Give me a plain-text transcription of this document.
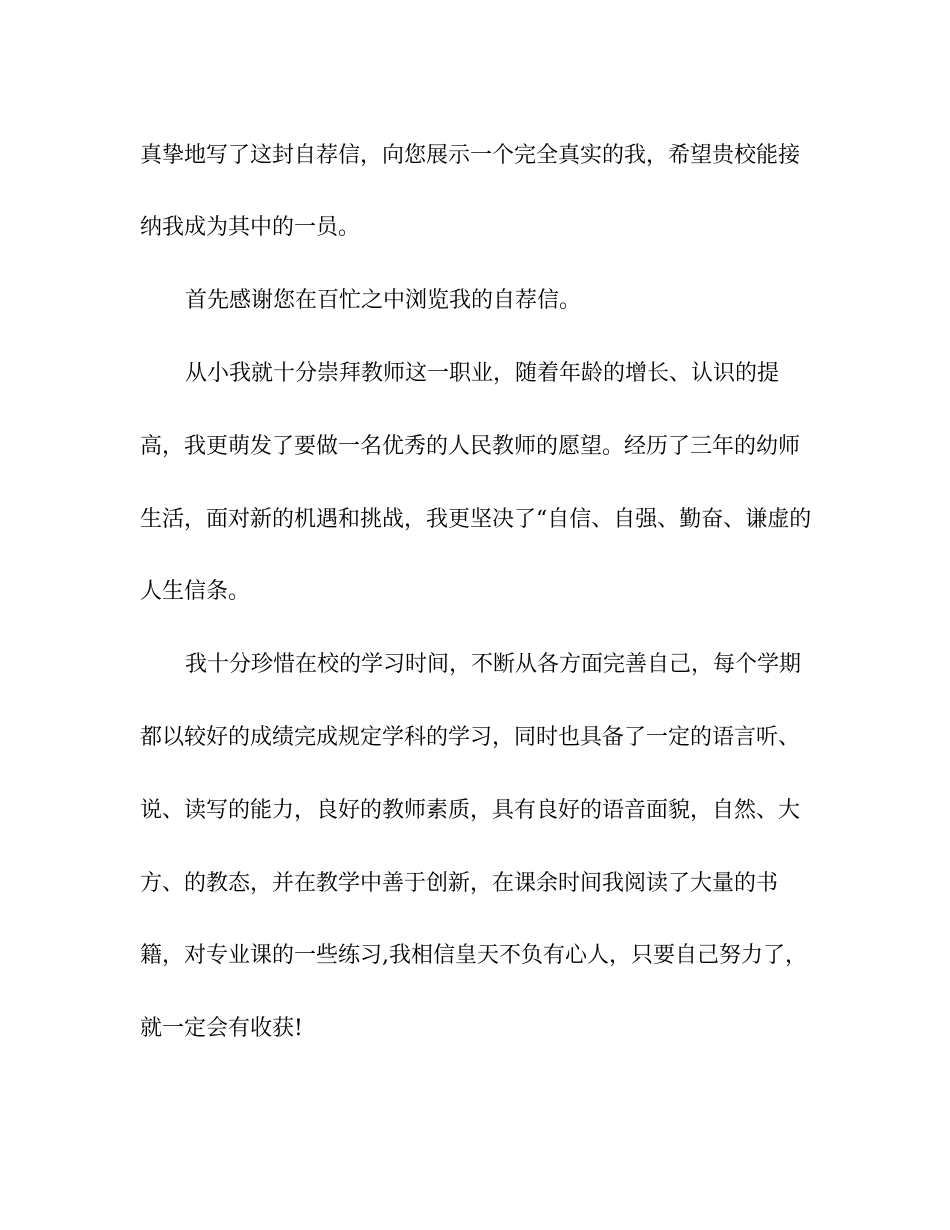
真挚地写了这封自荐信，向您展示一个完全真实的我，希望贵校能接

纳我成为其中的一员。

首先感谢您在百忙之中浏览我的自荐信。

从小我就十分崇拜教师这一职业，随着年龄的增长、认识的提

高，我更萌发了要做一名优秀的人民教师的愿望。经历了三年的幼师

生活，面对新的机遇和挑战，我更坚决了“自信、自强、勤奋、谦虚的

人生信条。

我十分珍惜在校的学习时间，不断从各方面完善自己，每个学期

都以较好的成绩完成规定学科的学习，同时也具备了一定的语言听、

说、读写的能力，良好的教师素质，具有良好的语音面貌，自然、大

方、的教态，并在教学中善于创新，在课余时间我阅读了大量的书

籍，对专业课的一些练习,我相信皇天不负有心人，只要自己努力了，

就一定会有收获!
